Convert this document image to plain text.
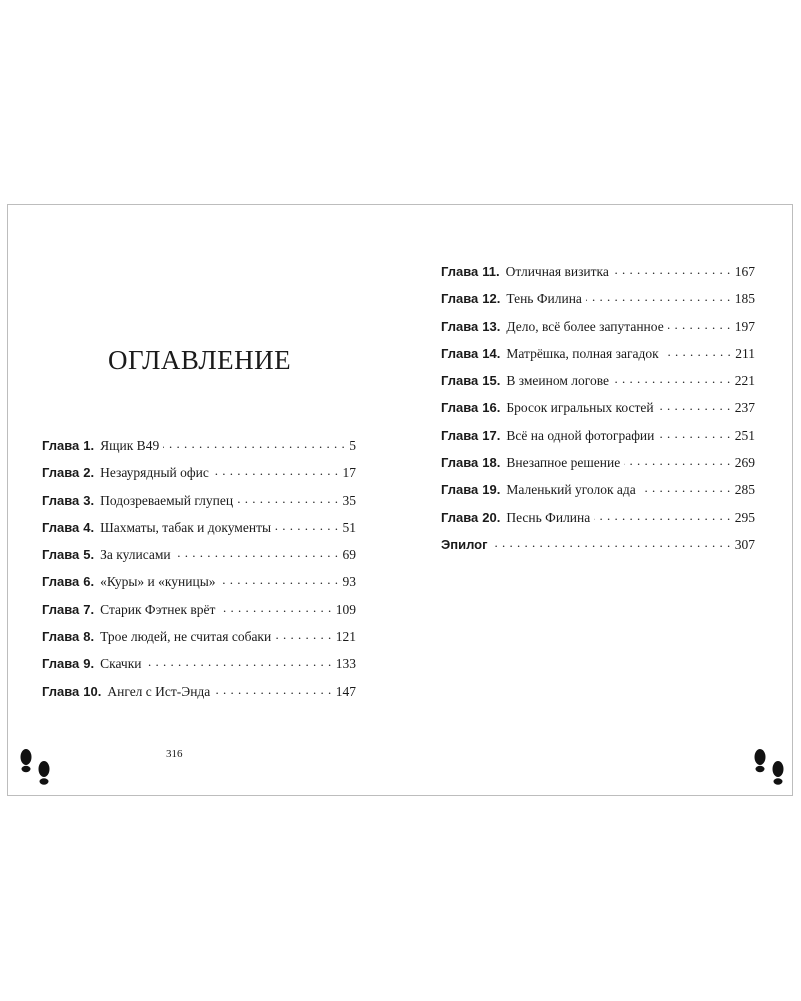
ОГЛАВЛЕНИЕ
Глава 1 . Ящик B49 . . .	5
Глава 2 . Незаурядный офис . . .	17
Глава 3 . Подозреваемый глупец . . .	35
Глава 4 . Шахматы, табак и документы . . .	51
Глава 5 . За кулисами . . .	69
Глава 6 . «Куры» и «куницы» . . .	93
Глава 7 . Старик Фэтнек врёт . . .	109
Глава 8 . Трое людей, не считая собаки . . .	121
Глава 9 . Скачки . . .	133
Глава 10 . Ангел с Ист-Энда . . .	147
Глава 11 . Отличная визитка . . .	167
Глава 12 . Тень Филина . . .	185
Глава 13 . Дело, всё более запутанное . . .	197
Глава 14 . Матрёшка, полная загадок . . .	211
Глава 15 . В змеином логове . . .	221
Глава 16 . Бросок игральных костей . . .	237
Глава 17 . Всё на одной фотографии . . .	251
Глава 18 . Внезапное решение . . .	269
Глава 19 . Маленький уголок ада . . .	285
Глава 20 . Песнь Филина . . .	295
Эпилог . . .	307
316
